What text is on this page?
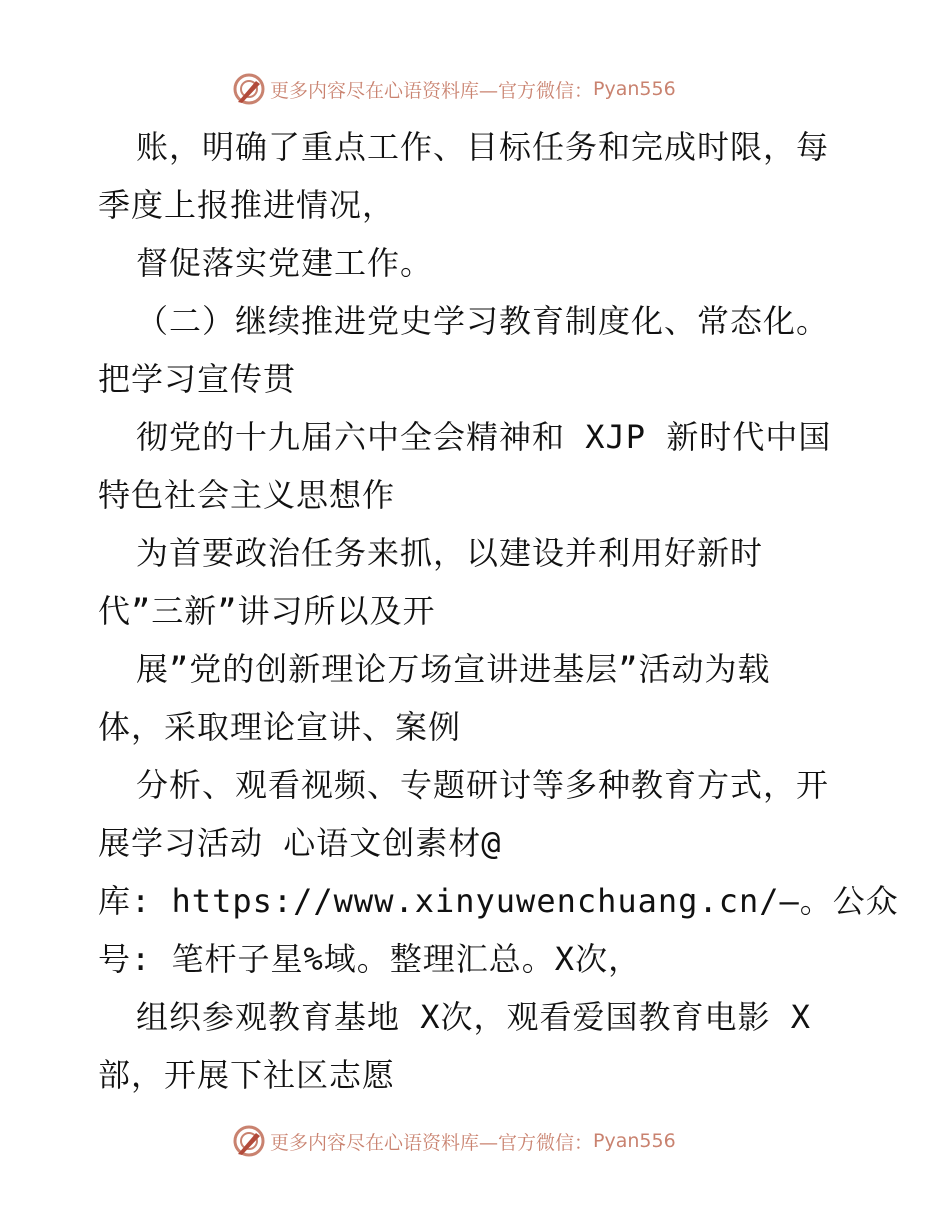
更多内容尽在心语资料库—官方微信： Pyan556
账，明确了重点工作、目标任务和完成时限，每
季度上报推进情况，
督促落实党建工作。
（二）继续推进党史学习教育制度化、常态化。
把学习宣传贯
彻党的十九届六中全会精神和 XJP 新时代中国
特色社会主义思想作
为首要政治任务来抓，以建设并利用好新时
代”三新”讲习所以及开
展”党的创新理论万场宣讲进基层”活动为载
体，采取理论宣讲、案例
分析、观看视频、专题研讨等多种教育方式，开
展学习活动 心语文创素材@
库: https://www.xinyuwenchuang.cn/—。公众
号: 笔杆子星%域。整理汇总。X次，
组织参观教育基地 X次，观看爱国教育电影 X
部，开展下社区志愿
更多内容尽在心语资料库—官方微信： Pyan556
